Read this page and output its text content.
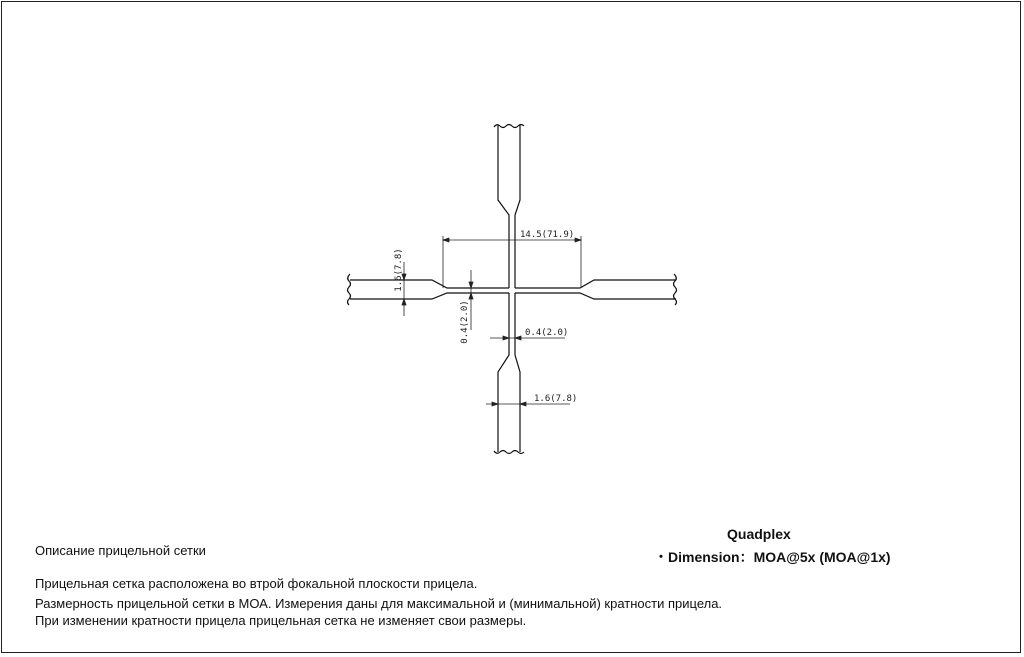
14.5(71.9)
1.6(7.8)
0.4(2.0)	0.4(2.0)
1.6(7.8)
Quadplex
・Dimension：MOA@5x (MOA@1x)
Описание прицельной сетки
Прицельная сетка расположена во втрой фокальной плоскости прицела.
Размерность прицельной сетки в МОА. Измерения даны для максимальной и (минимальной) кратности прицела.
При изменении кратности прицела прицельная сетка не изменяет свои размеры.
